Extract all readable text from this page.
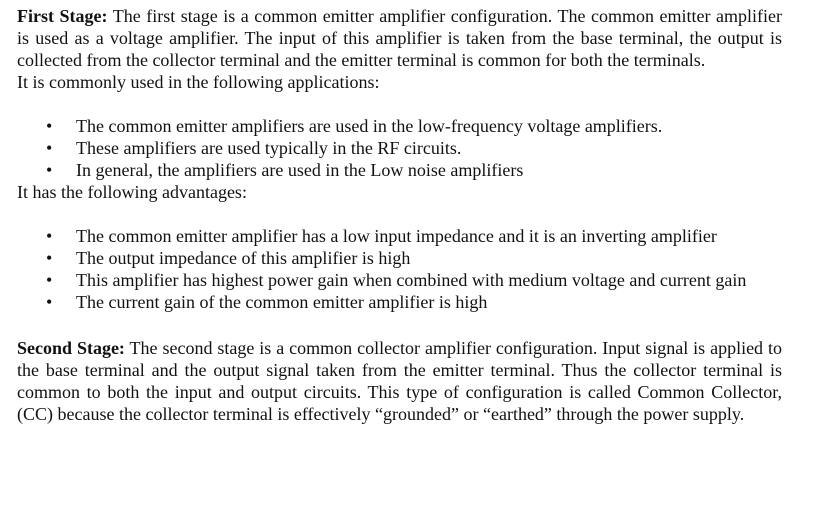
First Stage: The first stage is a common emitter amplifier configuration. The common emitter amplifier is used as a voltage amplifier. The input of this amplifier is taken from the base terminal, the output is collected from the collector terminal and the emitter terminal is common for both the terminals.

It is commonly used in the following applications:

• The common emitter amplifiers are used in the low-frequency voltage amplifiers.
• These amplifiers are used typically in the RF circuits.
• In general, the amplifiers are used in the Low noise amplifiers

It has the following advantages:

• The common emitter amplifier has a low input impedance and it is an inverting amplifier
• The output impedance of this amplifier is high
• This amplifier has highest power gain when combined with medium voltage and current gain
• The current gain of the common emitter amplifier is high

Second Stage: The second stage is a common collector amplifier configuration. Input signal is applied to the base terminal and the output signal taken from the emitter terminal. Thus the collector terminal is common to both the input and output circuits. This type of configuration is called Common Collector, (CC) because the collector terminal is effectively “grounded” or “earthed” through the power supply.
